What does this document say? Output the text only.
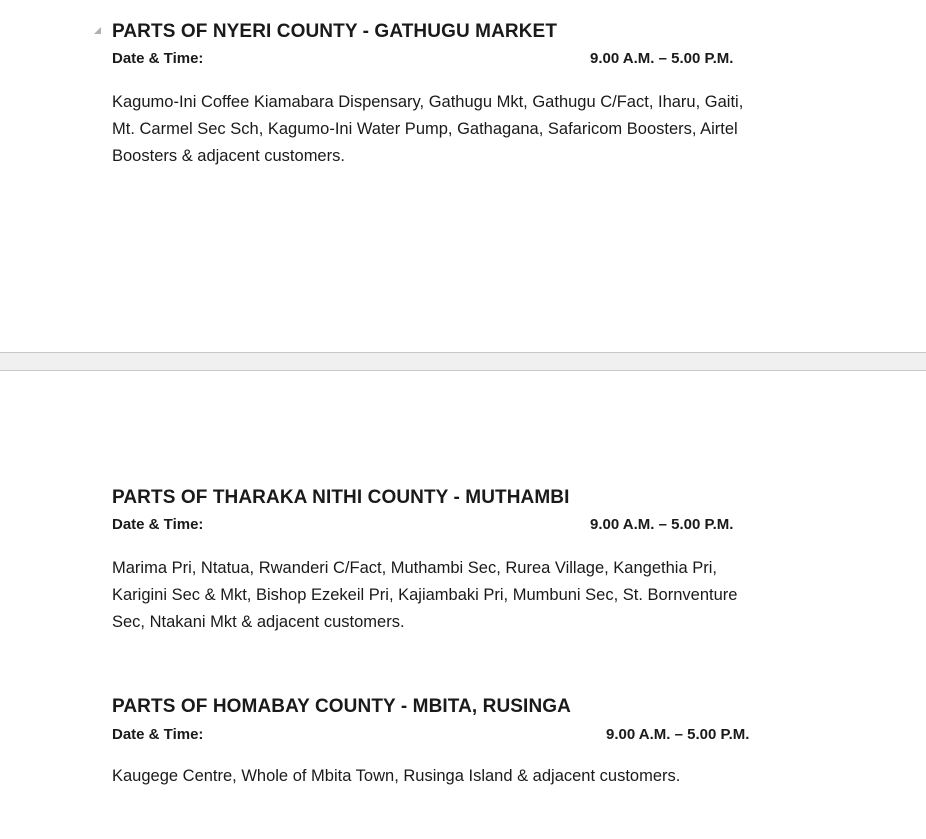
PARTS OF NYERI COUNTY - GATHUGU MARKET
Date & Time:	9.00 A.M. – 5.00 P.M.
Kagumo-Ini Coffee Kiamabara Dispensary, Gathugu Mkt, Gathugu C/Fact, Iharu, Gaiti,
Mt. Carmel Sec Sch, Kagumo-Ini Water Pump, Gathagana, Safaricom Boosters, Airtel
Boosters & adjacent customers.
PARTS OF THARAKA NITHI COUNTY - MUTHAMBI
Date & Time:	9.00 A.M. – 5.00 P.M.
Marima Pri, Ntatua, Rwanderi C/Fact, Muthambi Sec, Rurea Village, Kangethia Pri,
Karigini Sec & Mkt, Bishop Ezekeil Pri, Kajiambaki Pri, Mumbuni Sec, St. Bornventure
Sec, Ntakani Mkt & adjacent customers.
PARTS OF HOMABAY COUNTY - MBITA, RUSINGA
Date & Time:	9.00 A.M. – 5.00 P.M.
Kaugege Centre, Whole of Mbita Town, Rusinga Island & adjacent customers.
